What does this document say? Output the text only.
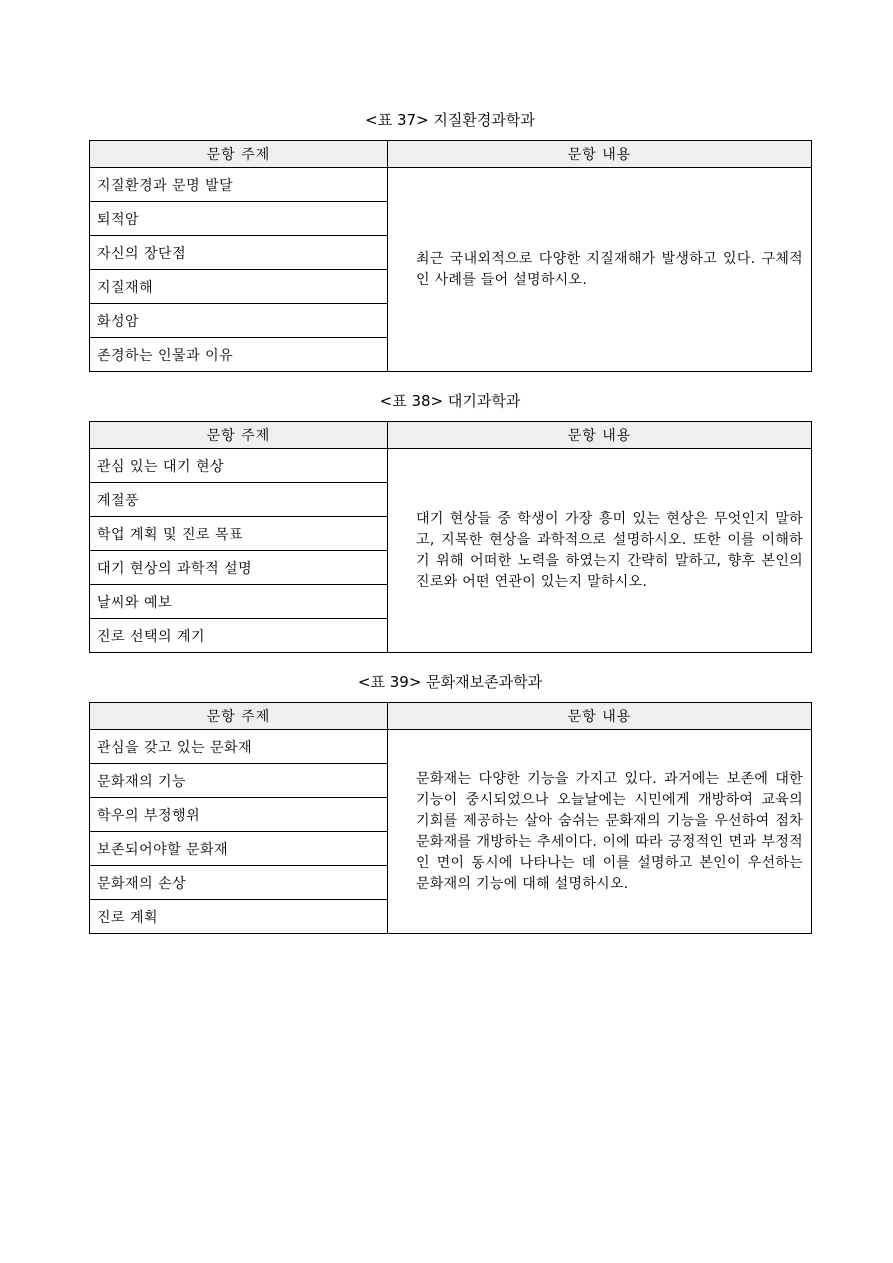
<표 37> 지질환경과학과
문항 주제	문항 내용
지질환경과 문명 발달	최근 국내외적으로 다양한 지질재해가 발생하고 있다. 구체적인 사례를 들어 설명하시오.
퇴적암	
자신의 장단점	
지질재해	
화성암	
존경하는 인물과 이유	
<표 38> 대기과학과
문항 주제	문항 내용
관심 있는 대기 현상	대기 현상들 중 학생이 가장 흥미 있는 현상은 무엇인지 말하고, 지목한 현상을 과학적으로 설명하시오. 또한 이를 이해하기 위해 어떠한 노력을 하였는지 간략히 말하고, 향후 본인의 진로와 어떤 연관이 있는지 말하시오.
계절풍	
학업 계획 및 진로 목표	
대기 현상의 과학적 설명	
날씨와 예보	
진로 선택의 계기	
<표 39> 문화재보존과학과
문항 주제	문항 내용
관심을 갖고 있는 문화재	문화재는 다양한 기능을 가지고 있다. 과거에는 보존에 대한 기능이 중시되었으나 오늘날에는 시민에게 개방하여 교육의 기회를 제공하는 살아 숨쉬는 문화재의 기능을 우선하여 점차 문화재를 개방하는 추세이다. 이에 따라 긍정적인 면과 부정적인 면이 동시에 나타나는 데 이를 설명하고 본인이 우선하는 문화재의 기능에 대해 설명하시오.
문화재의 기능	
학우의 부정행위	
보존되어야할 문화재	
문화재의 손상	
진로 계획	
